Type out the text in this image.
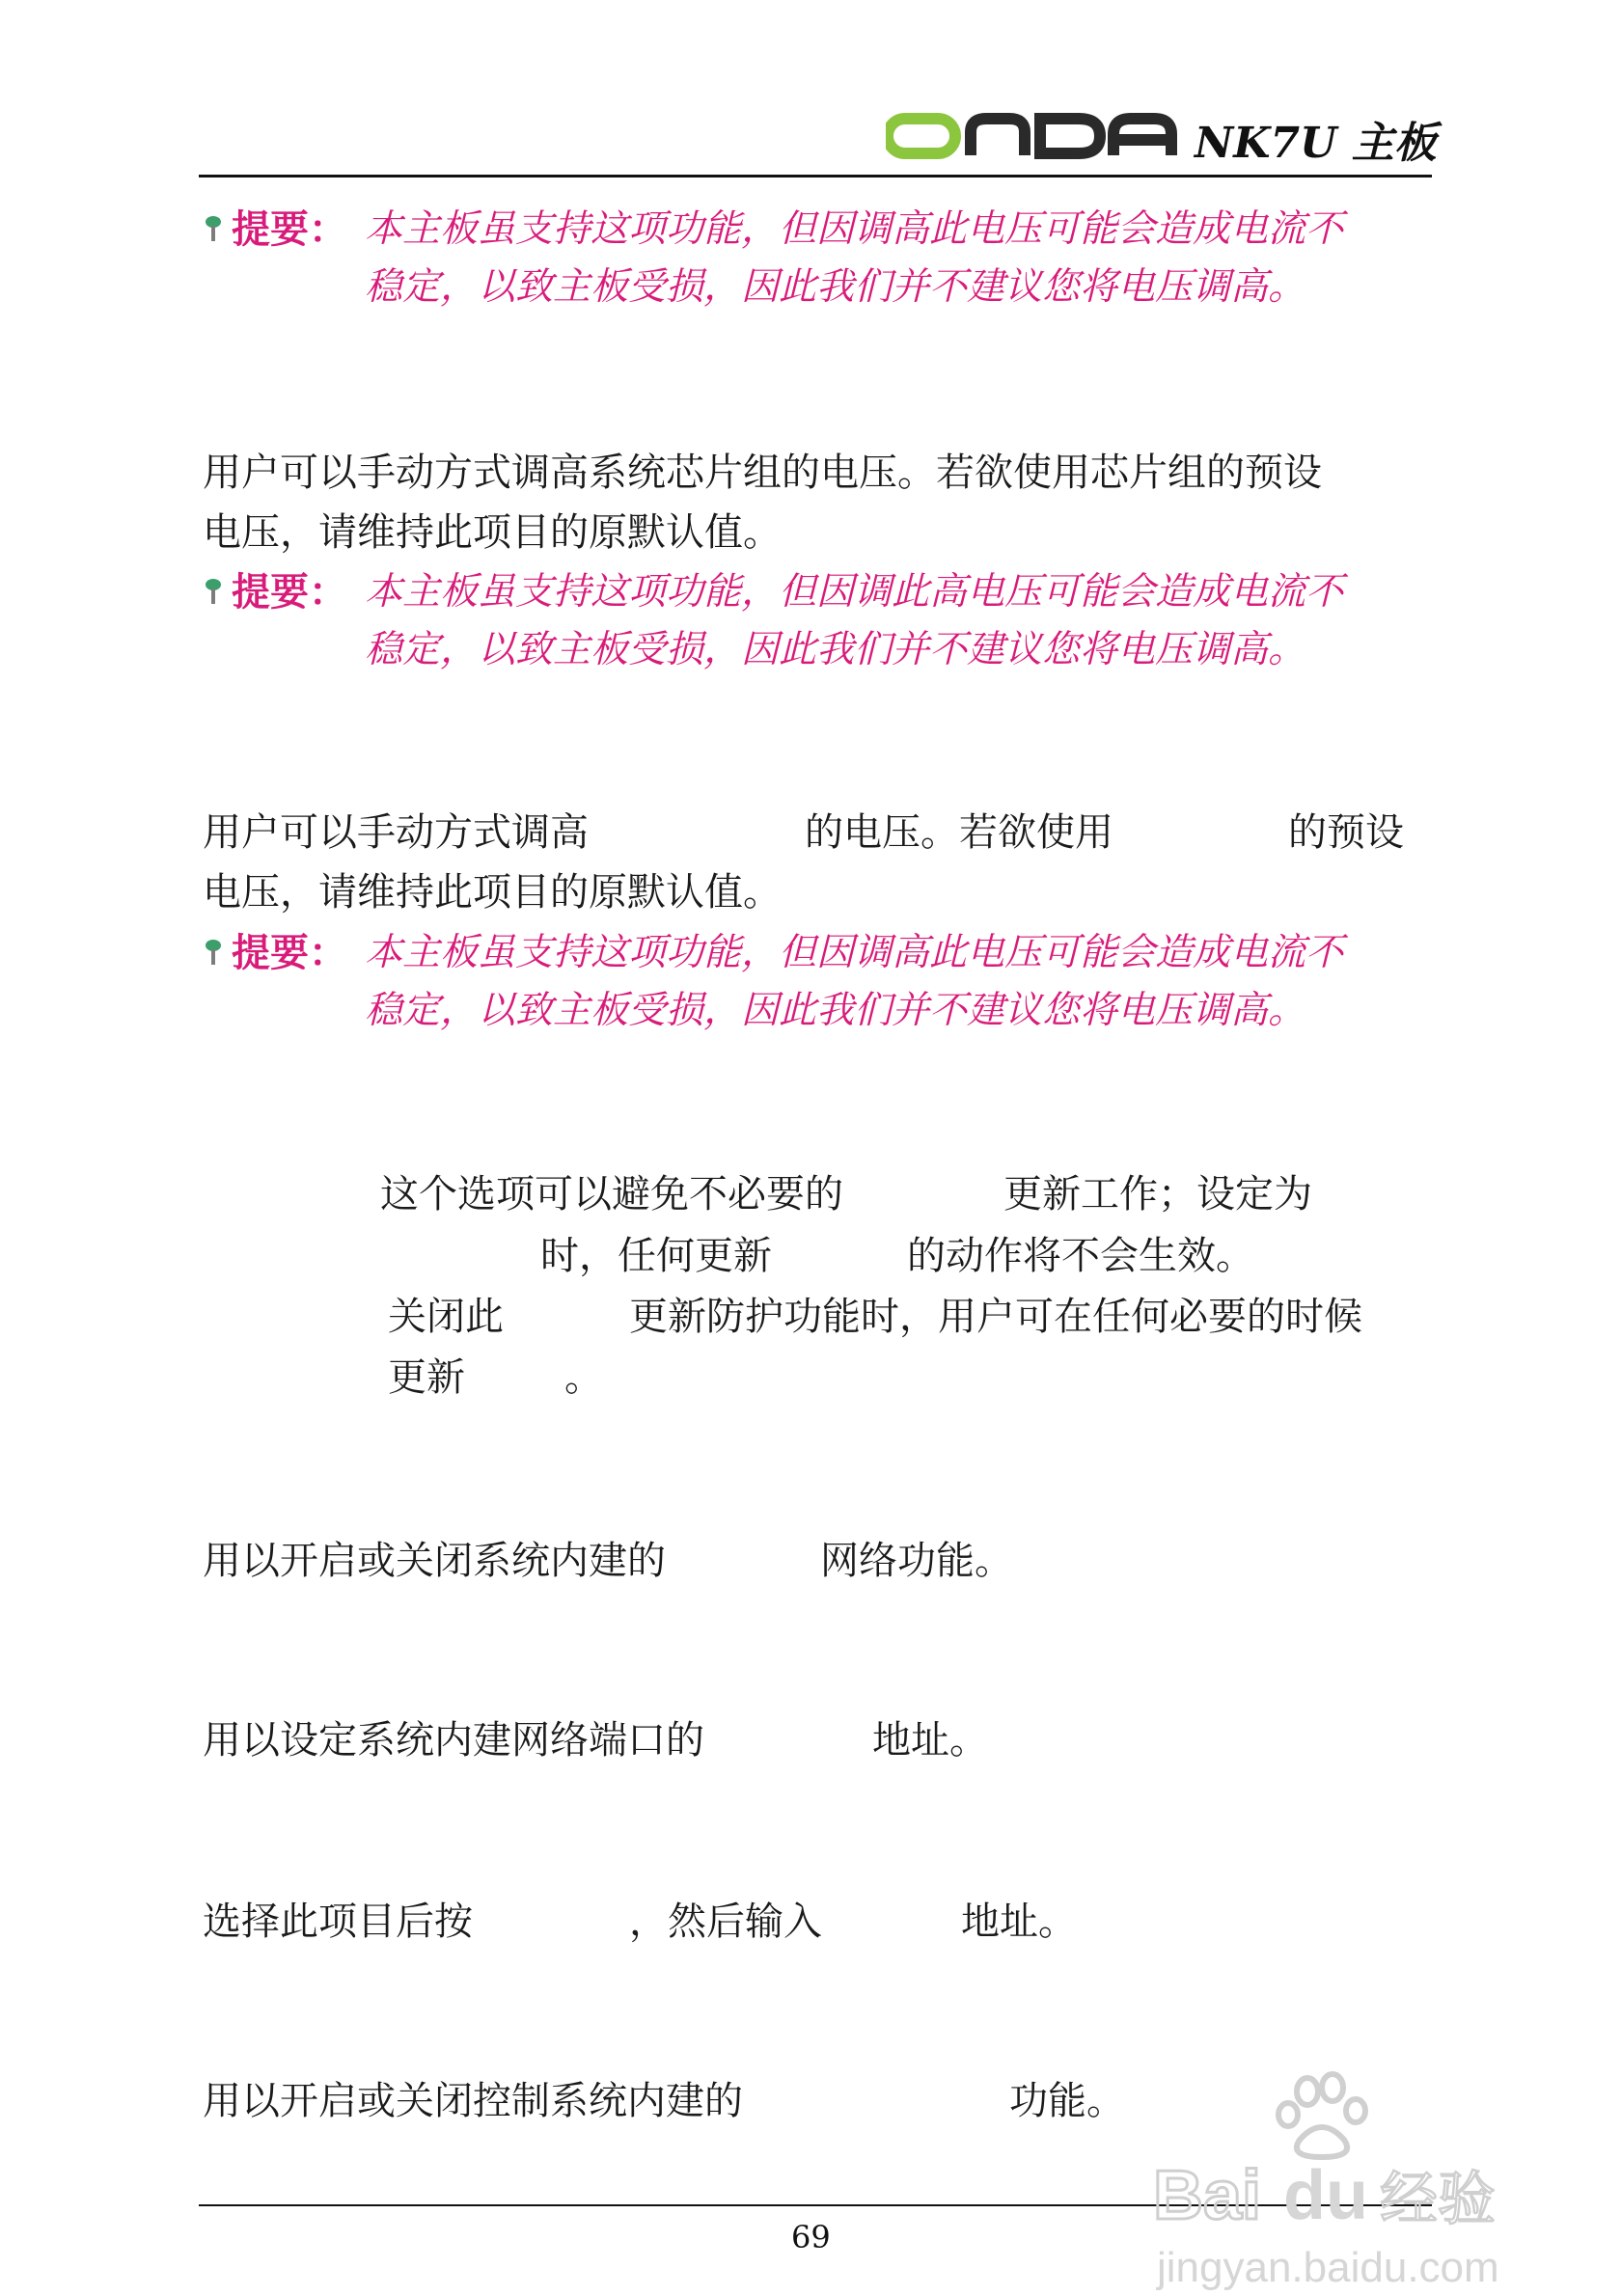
NK7U 主板
提要： 本主板虽支持这项功能，但因调高此电压可能会造成电流不
稳定，以致主板受损，因此我们并不建议您将电压调高。
用户可以手动方式调高系统芯片组的电压。若欲使用芯片组的预设
电压，请维持此项目的原默认值。
提要： 本主板虽支持这项功能，但因调此高电压可能会造成电流不
稳定，以致主板受损，因此我们并不建议您将电压调高。
用户可以手动方式调高	的电压。若欲使用	的预设
电压，请维持此项目的原默认值。
提要： 本主板虽支持这项功能，但因调高此电压可能会造成电流不
稳定，以致主板受损，因此我们并不建议您将电压调高。
这个选项可以避免不必要的	更新工作；设定为
时，任何更新	的动作将不会生效。
关闭此	更新防护功能时，用户可在任何必要的时候
更新	。
用以开启或关闭系统内建的	网络功能。
用以设定系统内建网络端口的	地址。
选择此项目后按	，然后输入	地址。
用以开启或关闭控制系统内建的	功能。
69
Bai du 经验
jingyan.baidu.com
